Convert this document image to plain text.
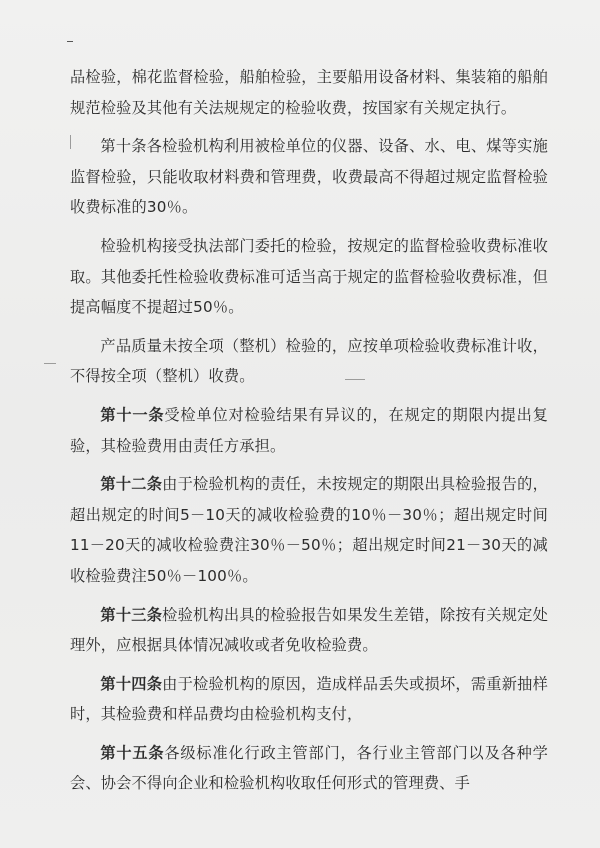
品检验，棉花监督检验，船舶检验，主要船用设备材料、集装箱的船舶规范检验及其他有关法规规定的检验收费，按国家有关规定执行。

第十条各检验机构利用被检单位的仪器、设备、水、电、煤等实施监督检验，只能收取材料费和管理费，收费最高不得超过规定监督检验收费标准的30％。

检验机构接受执法部门委托的检验，按规定的监督检验收费标准收取。其他委托性检验收费标准可适当高于规定的监督检验收费标准，但提高幅度不提超过50％。

产品质量未按全项（整机）检验的，应按单项检验收费标准计收，不得按全项（整机）收费。

第十一条受检单位对检验结果有异议的，在规定的期限内提出复验，其检验费用由责任方承担。

第十二条由于检验机构的责任，未按规定的期限出具检验报告的，超出规定的时间5－10天的减收检验费的10％－30％；超出规定时间11－20天的减收检验费注30％－50％；超出规定时间21－30天的减收检验费注50％－100％。

第十三条检验机构出具的检验报告如果发生差错，除按有关规定处理外，应根据具体情况减收或者免收检验费。

第十四条由于检验机构的原因，造成样品丢失或损坏，需重新抽样时，其检验费和样品费均由检验机构支付，

第十五条各级标准化行政主管部门，各行业主管部门以及各种学会、协会不得向企业和检验机构收取任何形式的管理费、手
